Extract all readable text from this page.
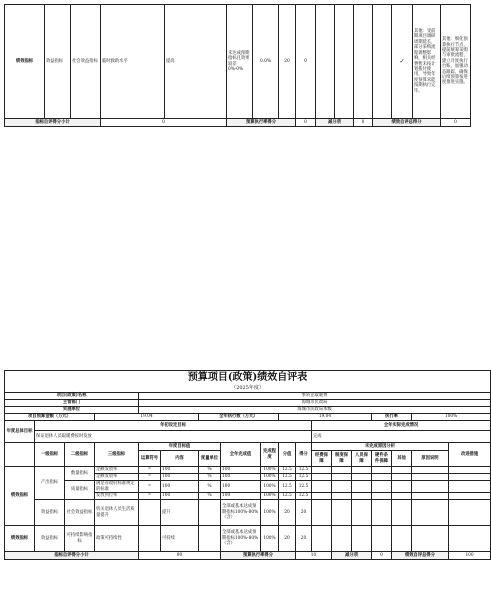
绩效指标	效益指标	社会效益指标	临时救助水平	提高	未达成预期指标且效果较差0%-0%	0.0%	20	0					✓	其他：受前期项目调研周期延长，部分采购流程调整影响，相关经费暂未按计划拨付使用，导致年度预算未能按期执行完毕。	其他：细化预算执行节点，提前统筹采购与审批流程，建立月度执行台账，加强动态跟踪，确保后续预算按进度推进实施。
指标自评得分小计			0		预算执行率得分			0	减分项		0	绩效自评总得分			0
预算项目(政策)绩效自评表																	
（2025年度）																	
项目(政策)名称				事转企取暖费													
主管部门				海城市民政局													
实施单位				海城市民政局本级													
项目预算金额（万元）			19.04			全年执行数（万元）			19.04					执行率		100%	
年度总体目标	年初设定目标										全年实际完成情况						
	保证退休人员取暖费按时发放										完成						
	一级指标	二级指标	三级指标	年度目标值			全年完成值	完成程度	分值	得分	未完成原因分析						改进措施
				运算符号	内容	度量单位					经费保障	制度保障	人员保障	硬件条件保障	其他	原因说明	
绩效指标	产出指标	数量指标	足额发放率	=	100	%	100	100%	12.5	12.5							
			足额发放率	=	100	%	100	100%	12.5	12.5							
		质量指标	满足省政府标准规定的标准	=	100	%	100	100%	12.5	12.5							
			发放到位率	=	100	%	100	100%	12.5	12.5							
	效益指标	社会效益指标	机关退休人员生活质量提升		提升		全部或基本达成预期指标100%-80%（含）	100%	20	20							
绩效指标	效益指标	可持续影响指标	政策可持续性		可持续		全部或基本达成预期指标100%-80%（含）	100%	20	20							
指标自评得分小计				90			预算执行率得分			10		减分项		0	绩效自评总得分		100
